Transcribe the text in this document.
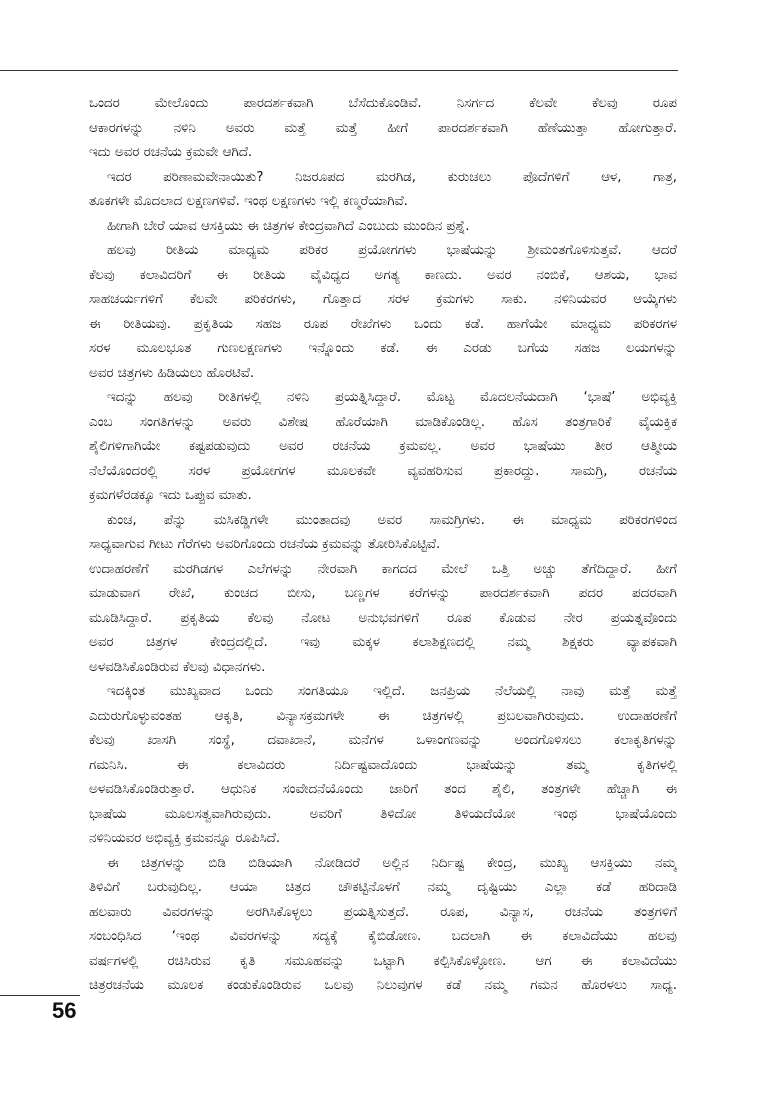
ಒಂದರ ಮೇಲೊಂದು ಪಾರದರ್ಶಕವಾಗಿ ಬೆಸೆದುಕೊಂಡಿವೆ. ನಿಸರ್ಗದ ಕೆಲವೇ ಕೆಲವು ರೂಪ
ಆಕಾರಗಳನ್ನು ನಳಿನಿ ಅವರು ಮತ್ತೆ ಮತ್ತೆ ಹೀಗೆ ಪಾರದರ್ಶಕವಾಗಿ ಹೆಣೆಯುತ್ತಾ ಹೋಗುತ್ತಾರೆ.
ಇದು ಅವರ ರಚನೆಯ ಕ್ರಮವೇ ಆಗಿದೆ.
ಇದರ ಪರಿಣಾಮವೇನಾಯಿತು? ನಿಜರೂಪದ ಮರಗಿಡ, ಕುರುಚಲು ಪೊದೆಗಳಿಗೆ ಆಳ, ಗಾತ್ರ,
ತೂಕಗಳೇ ಮೊದಲಾದ ಲಕ್ಷಣಗಳಿವೆ. ಇಂಥ ಲಕ್ಷಣಗಳು ಇಲ್ಲಿ ಕಣ್ಮರೆಯಾಗಿವೆ.
ಹೀಗಾಗಿ ಬೇರೆ ಯಾವ ಆಸಕ್ತಿಯು ಈ ಚಿತ್ರಗಳ ಕೇಂದ್ರವಾಗಿದೆ ಎಂಬುದು ಮುಂದಿನ ಪ್ರಶ್ನೆ.
ಹಲವು ರೀತಿಯ ಮಾಧ್ಯಮ ಪರಿಕರ ಪ್ರಯೋಗಗಳು ಭಾಷೆಯನ್ನು ಶ್ರೀಮಂತಗೊಳಿಸುತ್ತವೆ. ಆದರೆ
ಕೆಲವು ಕಲಾವಿದರಿಗೆ ಈ ರೀತಿಯ ವೈವಿಧ್ಯದ ಅಗತ್ಯ ಕಾಣದು. ಅವರ ನಂಬಿಕೆ, ಆಶಯ, ಭಾವ
ಸಾಹಚರ್ಯಗಳಿಗೆ ಕೆಲವೇ ಪರಿಕರಗಳು, ಗೊತ್ತಾದ ಸರಳ ಕ್ರಮಗಳು ಸಾಕು. ನಳಿನಿಯವರ ಆಯ್ಕೆಗಳು
ಈ ರೀತಿಯವು. ಪ್ರಕೃತಿಯ ಸಹಜ ರೂಪ ರೇಖೆಗಳು ಒಂದು ಕಡೆ. ಹಾಗೆಯೇ ಮಾಧ್ಯಮ ಪರಿಕರಗಳ
ಸರಳ ಮೂಲಭೂತ ಗುಣಲಕ್ಷಣಗಳು ಇನ್ನೊಂದು ಕಡೆ. ಈ ಎರಡು ಬಗೆಯ ಸಹಜ ಲಯಗಳನ್ನು
ಅವರ ಚಿತ್ರಗಳು ಹಿಡಿಯಲು ಹೊರಟಿವೆ.
ಇದನ್ನು ಹಲವು ರೀತಿಗಳಲ್ಲಿ ನಳಿನಿ ಪ್ರಯತ್ನಿಸಿದ್ದಾರೆ. ಮೊಟ್ಟ ಮೊದಲನೆಯದಾಗಿ ‘ಭಾಷೆ’ ಅಭಿವ್ಯಕ್ತಿ
ಎಂಬ ಸಂಗತಿಗಳನ್ನು ಅವರು ವಿಶೇಷ ಹೊರೆಯಾಗಿ ಮಾಡಿಕೊಂಡಿಲ್ಲ. ಹೊಸ ತಂತ್ರಗಾರಿಕೆ ವೈಯಕ್ತಿಕ
ಶೈಲಿಗಳಿಗಾಗಿಯೇ ಕಷ್ಟಪಡುವುದು ಅವರ ರಚನೆಯ ಕ್ರಮವಲ್ಲ. ಅವರ ಭಾಷೆಯು ತೀರ ಆತ್ಮೀಯ
ನೆಲೆಯೊಂದರಲ್ಲಿ ಸರಳ ಪ್ರಯೋಗಗಳ ಮೂಲಕವೇ ವ್ಯವಹರಿಸುವ ಪ್ರಕಾರದ್ದು. ಸಾಮಗ್ರಿ, ರಚನೆಯ
ಕ್ರಮಗಳೆರಡಕ್ಕೂ ಇದು ಒಪ್ಪುವ ಮಾತು.
ಕುಂಚ, ಪೆನ್ನು ಮಸಿಕಡ್ಡಿಗಳೇ ಮುಂತಾದವು ಅವರ ಸಾಮಗ್ರಿಗಳು. ಈ ಮಾಧ್ಯಮ ಪರಿಕರಗಳಿಂದ
ಸಾಧ್ಯವಾಗುವ ಗೀಟು ಗೆರೆಗಳು ಅವರಿಗೊಂದು ರಚನೆಯ ಕ್ರಮವನ್ನು ತೋರಿಸಿಕೊಟ್ಟಿವೆ.
ಉದಾಹರಣೆಗೆ ಮರಗಿಡಗಳ ಎಲೆಗಳನ್ನು ನೇರವಾಗಿ ಕಾಗದದ ಮೇಲೆ ಒತ್ತಿ ಅಚ್ಚು ತೆಗೆದಿದ್ದಾರೆ. ಹೀಗೆ
ಮಾಡುವಾಗ ರೇಖೆ, ಕುಂಚದ ಬೀಸು, ಬಣ್ಣಗಳ ಕರೆಗಳನ್ನು ಪಾರದರ್ಶಕವಾಗಿ ಪದರ ಪದರವಾಗಿ
ಮೂಡಿಸಿದ್ದಾರೆ. ಪ್ರಕೃತಿಯ ಕೆಲವು ನೋಟ ಅನುಭವಗಳಿಗೆ ರೂಪ ಕೊಡುವ ನೇರ ಪ್ರಯತ್ನವೊಂದು
ಅವರ ಚಿತ್ರಗಳ ಕೇಂದ್ರದಲ್ಲಿದೆ. ಇವು ಮಕ್ಕಳ ಕಲಾಶಿಕ್ಷಣದಲ್ಲಿ ನಮ್ಮ ಶಿಕ್ಷಕರು ವ್ಯಾಪಕವಾಗಿ
ಅಳವಡಿಸಿಕೊಂಡಿರುವ ಕೆಲವು ವಿಧಾನಗಳು.
ಇದಕ್ಕಿಂತ ಮುಖ್ಯವಾದ ಒಂದು ಸಂಗತಿಯೂ ಇಲ್ಲಿದೆ. ಜನಪ್ರಿಯ ನೆಲೆಯಲ್ಲಿ ನಾವು ಮತ್ತೆ ಮತ್ತೆ
ಎದುರುಗೊಳ್ಳುವಂತಹ ಆಕೃತಿ, ವಿನ್ಯಾಸಕ್ರಮಗಳೇ ಈ ಚಿತ್ರಗಳಲ್ಲಿ ಪ್ರಬಲವಾಗಿರುವುದು. ಉದಾಹರಣೆಗೆ
ಕೆಲವು ಖಾಸಗಿ ಸಂಸ್ಥೆ, ದವಾಖಾನೆ, ಮನೆಗಳ ಒಳಾಂಗಣವನ್ನು ಅಂದಗೊಳಿಸಲು ಕಲಾಕೃತಿಗಳನ್ನು
ಗಮನಿಸಿ. ಈ ಕಲಾವಿದರು ನಿರ್ದಿಷ್ಟವಾದೊಂದು ಭಾಷೆಯನ್ನು ತಮ್ಮ ಕೃತಿಗಳಲ್ಲಿ
ಅಳವಡಿಸಿಕೊಂಡಿರುತ್ತಾರೆ. ಆಧುನಿಕ ಸಂವೇದನೆಯೊಂದು ಜಾರಿಗೆ ತಂದ ಶೈಲಿ, ತಂತ್ರಗಳೇ ಹೆಚ್ಚಾಗಿ ಈ
ಭಾಷೆಯ ಮೂಲಸತ್ವವಾಗಿರುವುದು. ಅವರಿಗೆ ತಿಳಿದೋ ತಿಳಿಯದೆಯೋ ಇಂಥ ಭಾಷೆಯೊಂದು
ನಳಿನಿಯವರ ಅಭಿವ್ಯಕ್ತಿ ಕ್ರಮವನ್ನೂ ರೂಪಿಸಿದೆ.
ಈ ಚಿತ್ರಗಳನ್ನು ಬಿಡಿ ಬಿಡಿಯಾಗಿ ನೋಡಿದರೆ ಅಲ್ಲಿನ ನಿರ್ದಿಷ್ಟ ಕೇಂದ್ರ, ಮುಖ್ಯ ಆಸಕ್ತಿಯು ನಮ್ಮ
ತಿಳಿವಿಗೆ ಬರುವುದಿಲ್ಲ. ಆಯಾ ಚಿತ್ರದ ಚೌಕಟ್ಟಿನೊಳಗೆ ನಮ್ಮ ದೃಷ್ಟಿಯು ಎಲ್ಲಾ ಕಡೆ ಹರಿದಾಡಿ
ಹಲವಾರು ವಿವರಗಳನ್ನು ಅರಗಿಸಿಕೊಳ್ಳಲು ಪ್ರಯತ್ನಿಸುತ್ತದೆ. ರೂಪ, ವಿನ್ಯಾಸ, ರಚನೆಯ ತಂತ್ರಗಳಿಗೆ
ಸಂಬಂಧಿಸಿದ ‘ಇಂಥ ವಿವರಗಳನ್ನು ಸದ್ಯಕ್ಕೆ ಕೈಬಿಡೋಣ. ಬದಲಾಗಿ ಈ ಕಲಾವಿದೆಯು ಹಲವು
ವರ್ಷಗಳಲ್ಲಿ ರಚಿಸಿರುವ ಕೃತಿ ಸಮೂಹವನ್ನು ಒಟ್ಟಾಗಿ ಕಲ್ಪಿಸಿಕೊಳ್ಳೋಣ. ಆಗ ಈ ಕಲಾವಿದೆಯು
ಚಿತ್ರರಚನೆಯ ಮೂಲಕ ಕಂಡುಕೊಂಡಿರುವ ಒಲವು ನಿಲುವುಗಳ ಕಡೆ ನಮ್ಮ ಗಮನ ಹೊರಳಲು ಸಾಧ್ಯ.
56
